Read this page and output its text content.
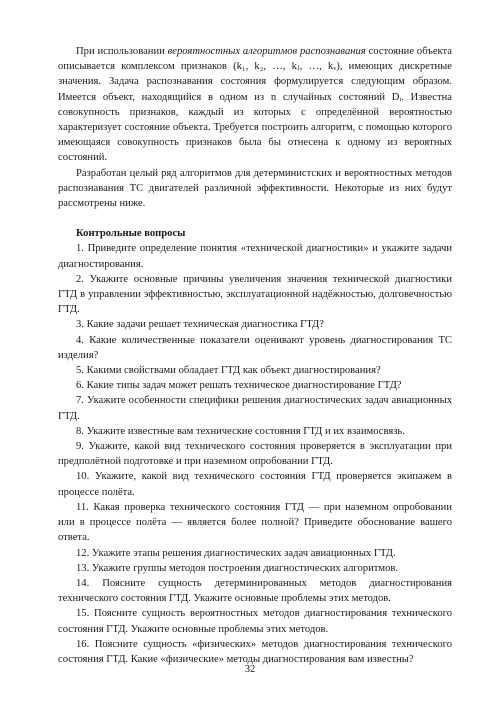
При использовании вероятностных алгоритмов распознавания состояние объекта описывается комплексом признаков (k₁, k₂, …, kⱼ, …, kᵥ), имеющих дискретные значения. Задача распознавания состояния формулируется следующим образом. Имеется объект, находящийся в одном из n случайных состояний Dᵢ. Известна совокупность признаков, каждый из которых с определённой вероятностью характеризует состояние объекта. Требуется построить алгоритм, с помощью которого имеющаяся совокупность признаков была бы отнесена к одному из вероятных состояний.

Разработан целый ряд алгоритмов для детерминистских и вероятностных методов распознавания ТС двигателей различной эффективности. Некоторые из них будут рассмотрены ниже.

Контрольные вопросы

1. Приведите определение понятия «технической диагностики» и укажите задачи диагностирования.

2. Укажите основные причины увеличения значения технической диагностики ГТД в управлении эффективностью, эксплуатационной надёжностью, долговечностью ГТД.

3. Какие задачи решает техническая диагностика ГТД?

4. Какие количественные показатели оценивают уровень диагностирования ТС изделия?

5. Какими свойствами обладает ГТД как объект диагностирования?

6. Какие типы задач может решать техническое диагностирование ГТД?

7. Укажите особенности специфики решения диагностических задач авиационных ГТД.

8. Укажите известные вам технические состояния ГТД и их взаимосвязь.

9. Укажите, какой вид технического состояния проверяется в эксплуатации при предполётной подготовке и при наземном опробовании ГТД.

10. Укажите, какой вид технического состояния ГТД проверяется экипажем в процессе полёта.

11. Какая проверка технического состояния ГТД — при наземном опробовании или в процессе полёта — является более полной? Приведите обоснование вашего ответа.

12. Укажите этапы решения диагностических задач авиационных ГТД.

13. Укажите группы методов построения диагностических алгоритмов.

14. Поясните сущность детерминированных методов диагностирования технического состояния ГТД. Укажите основные проблемы этих методов.

15. Поясните сущность вероятностных методов диагностирования технического состояния ГТД. Укажите основные проблемы этих методов.

16. Поясните сущность «физических» методов диагностирования технического состояния ГТД. Какие «физические» методы диагностирования вам известны?

32
